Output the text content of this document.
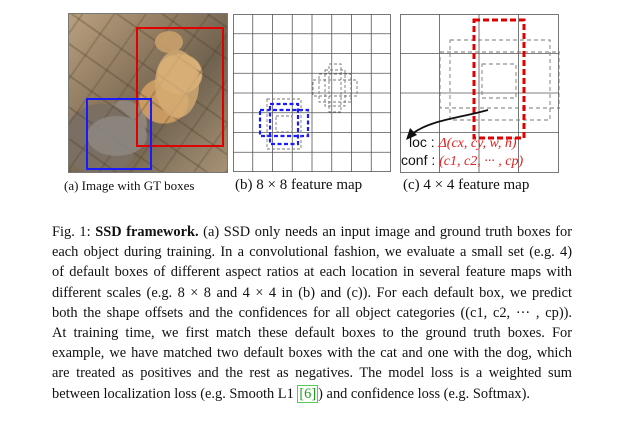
loc : Δ(cx, cy, w, h)
conf : (c1, c2, ··· , cp)
(a) Image with GT boxes	(b) 8 × 8 feature map	(c) 4 × 4 feature map
Fig. 1: SSD framework. (a) SSD only needs an input image and ground truth boxes for
each object during training. In a convolutional fashion, we evaluate a small set (e.g. 4)
of default boxes of different aspect ratios at each location in several feature maps with
different scales (e.g. 8 × 8 and 4 × 4 in (b) and (c)). For each default box, we predict
both the shape offsets and the confidences for all object categories ((c1, c2, ··· , cp)).
At training time, we first match these default boxes to the ground truth boxes. For
example, we have matched two default boxes with the cat and one with the dog, which
are treated as positives and the rest as negatives. The model loss is a weighted sum
between localization loss (e.g. Smooth L1 [6] ) and confidence loss (e.g. Softmax).
